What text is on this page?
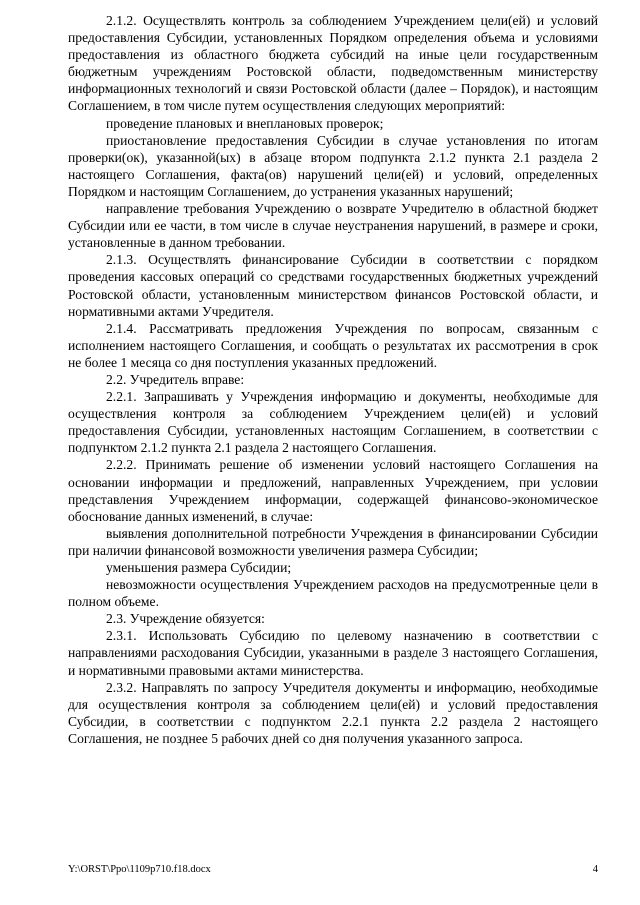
2.1.2. Осуществлять контроль за соблюдением Учреждением цели(ей) и условий предоставления Субсидии, установленных Порядком определения объема и условиями предоставления из областного бюджета субсидий на иные цели государственным бюджетным учреждениям Ростовской области, подведомственным министерству информационных технологий и связи Ростовской области (далее – Порядок), и настоящим Соглашением, в том числе путем осуществления следующих мероприятий:

проведение плановых и внеплановых проверок;

приостановление предоставления Субсидии в случае установления по итогам проверки(ок), указанной(ых) в абзаце втором подпункта 2.1.2 пункта 2.1 раздела 2 настоящего Соглашения, факта(ов) нарушений цели(ей) и условий, определенных Порядком и настоящим Соглашением, до устранения указанных нарушений;

направление требования Учреждению о возврате Учредителю в областной бюджет Субсидии или ее части, в том числе в случае неустранения нарушений, в размере и сроки, установленные в данном требовании.

2.1.3. Осуществлять финансирование Субсидии в соответствии с порядком проведения кассовых операций со средствами государственных бюджетных учреждений Ростовской области, установленным министерством финансов Ростовской области, и нормативными актами Учредителя.

2.1.4. Рассматривать предложения Учреждения по вопросам, связанным с исполнением настоящего Соглашения, и сообщать о результатах их рассмотрения в срок не более 1 месяца со дня поступления указанных предложений.

2.2. Учредитель вправе:

2.2.1. Запрашивать у Учреждения информацию и документы, необходимые для осуществления контроля за соблюдением Учреждением цели(ей) и условий предоставления Субсидии, установленных настоящим Соглашением, в соответствии с подпунктом 2.1.2 пункта 2.1 раздела 2 настоящего Соглашения.

2.2.2. Принимать решение об изменении условий настоящего Соглашения на основании информации и предложений, направленных Учреждением, при условии представления Учреждением информации, содержащей финансово-экономическое обоснование данных изменений, в случае:

выявления дополнительной потребности Учреждения в финансировании Субсидии при наличии финансовой возможности увеличения размера Субсидии;

уменьшения размера Субсидии;

невозможности осуществления Учреждением расходов на предусмотренные цели в полном объеме.

2.3. Учреждение обязуется:

2.3.1. Использовать Субсидию по целевому назначению в соответствии с направлениями расходования Субсидии, указанными в разделе 3 настоящего Соглашения, и нормативными правовыми актами министерства.

2.3.2. Направлять по запросу Учредителя документы и информацию, необходимые для осуществления контроля за соблюдением цели(ей) и условий предоставления Субсидии, в соответствии с подпунктом 2.2.1 пункта 2.2 раздела 2 настоящего Соглашения, не позднее 5 рабочих дней со дня получения указанного запроса.

Y:\ORST\Ppo\1109p710.f18.docx	4
